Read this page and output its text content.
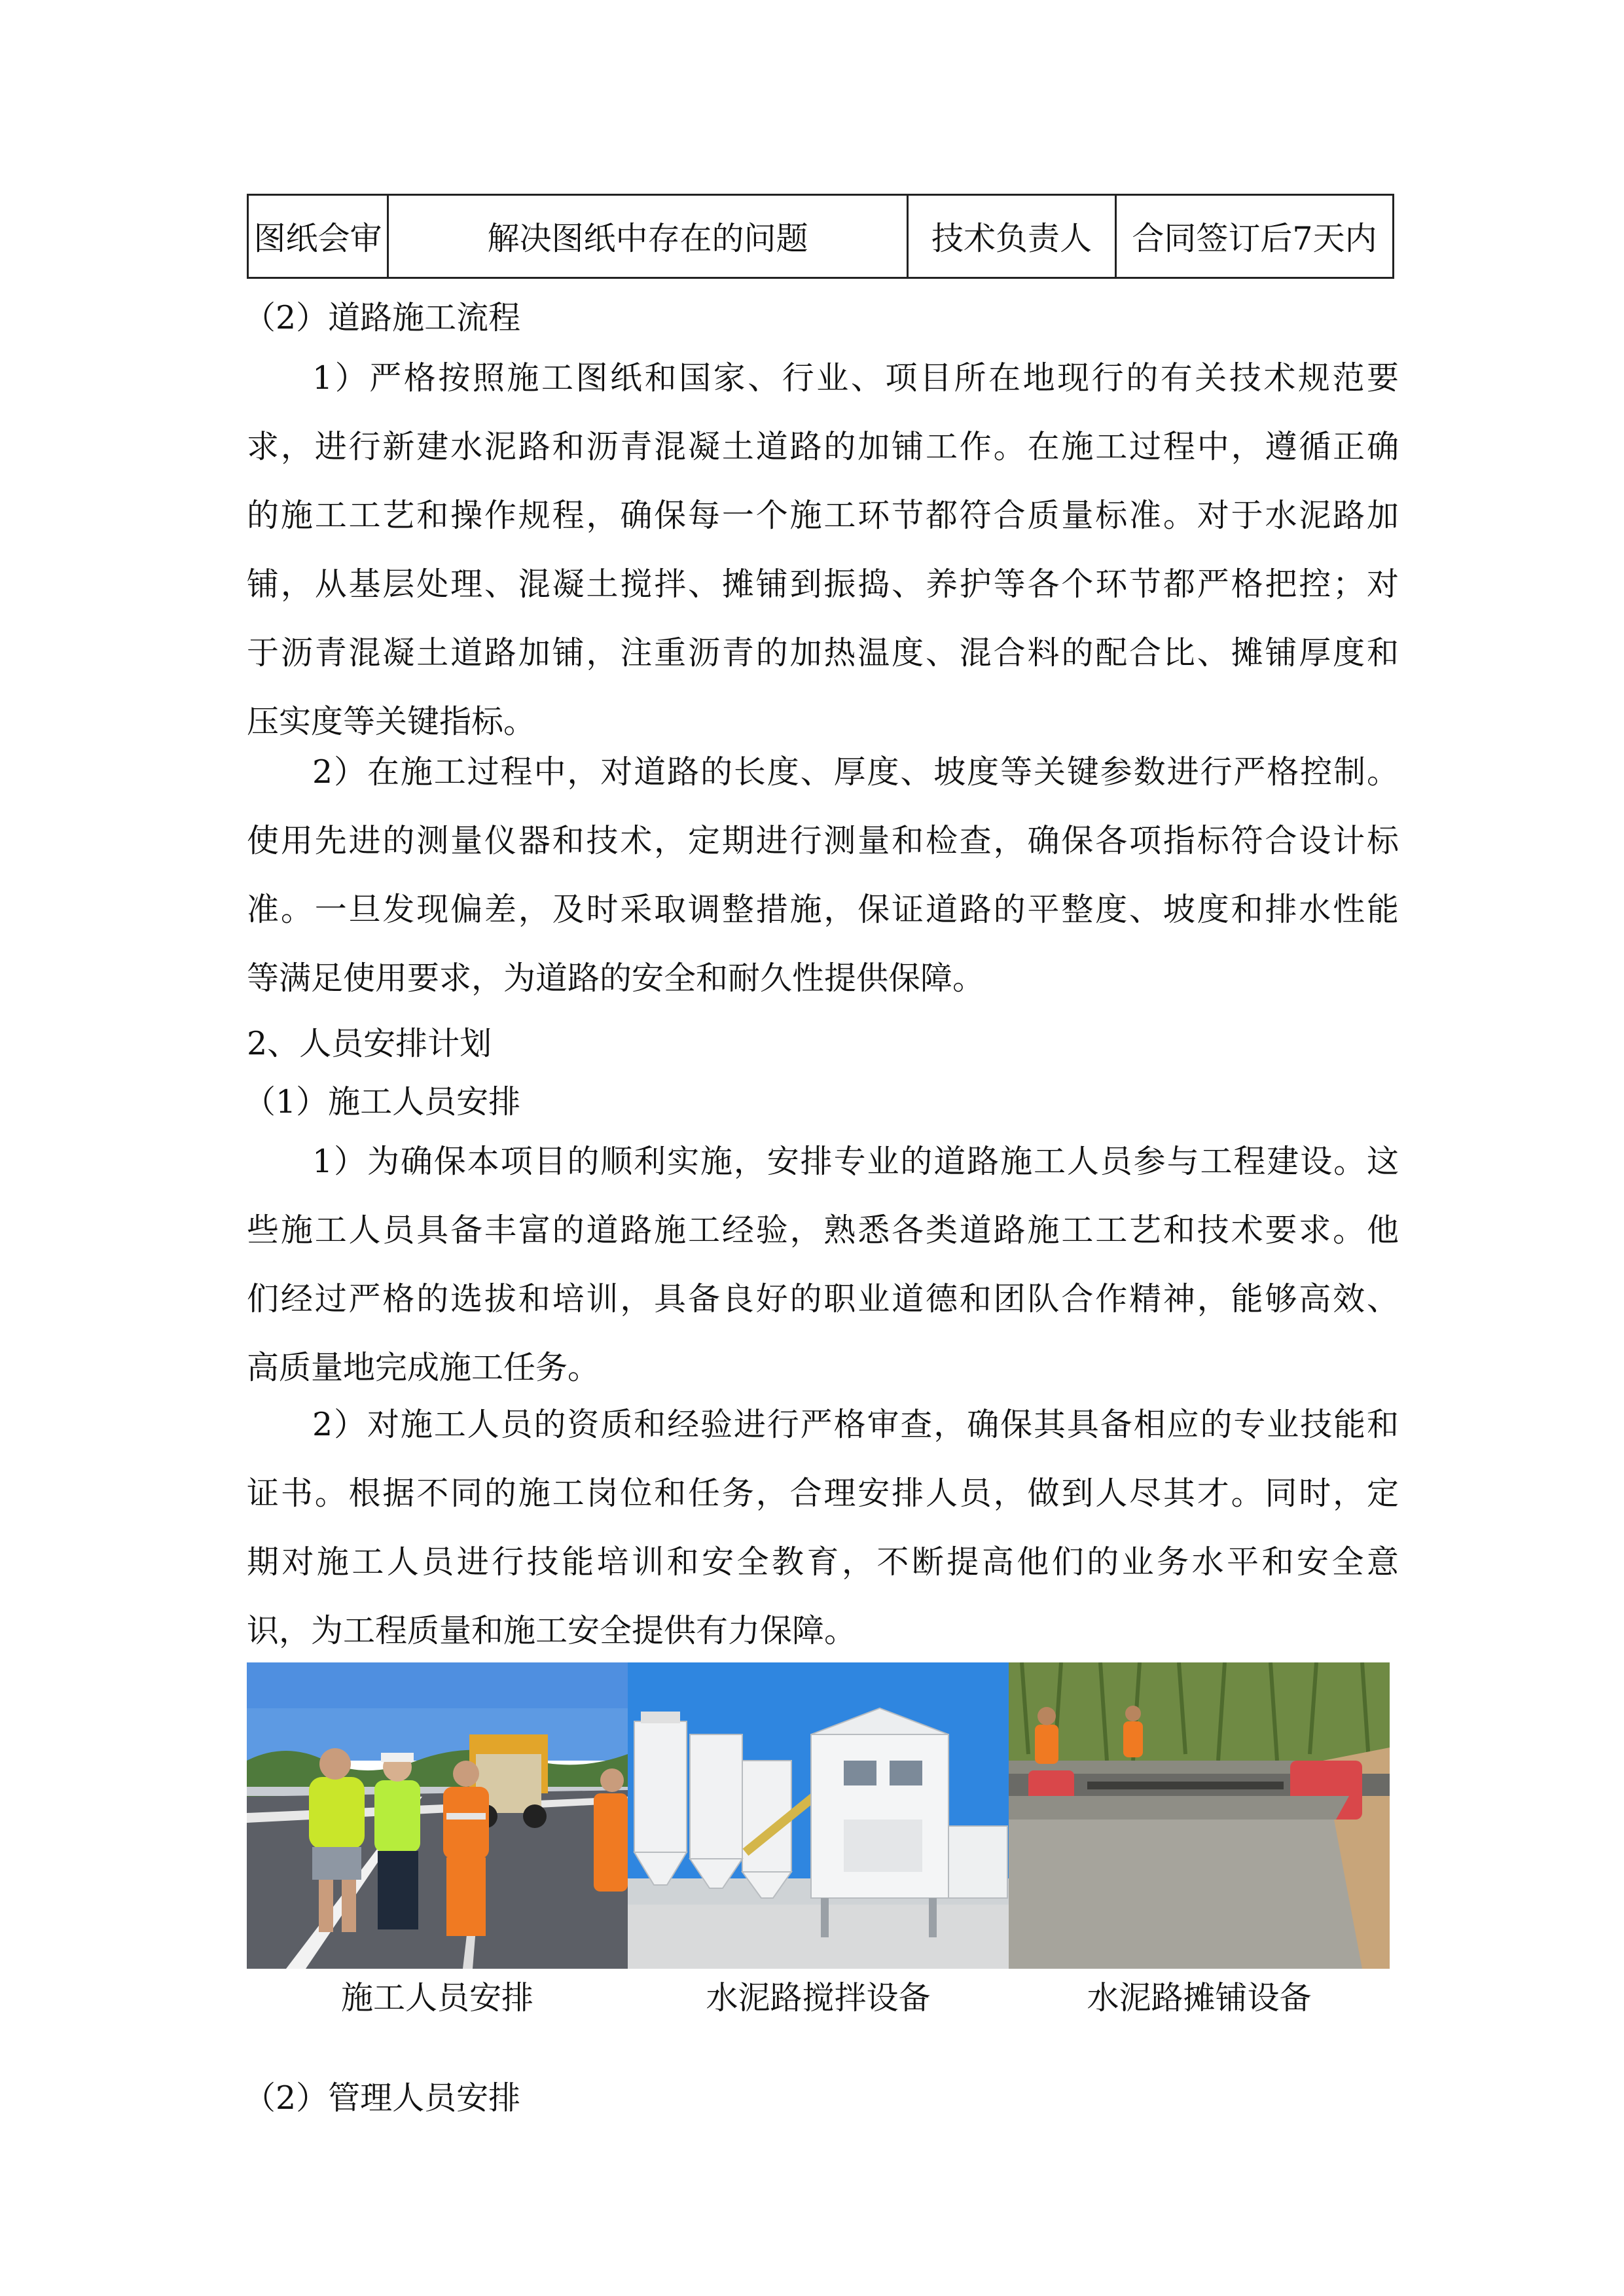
图纸会审	解决图纸中存在的问题	技术负责人	合同签订后7天内
（2）道路施工流程
1）严格按照施工图纸和国家、行业、项目所在地现行的有关技术规范要
求，进行新建水泥路和沥青混凝土道路的加铺工作。在施工过程中，遵循正确
的施工工艺和操作规程，确保每一个施工环节都符合质量标准。对于水泥路加
铺，从基层处理、混凝土搅拌、摊铺到振捣、养护等各个环节都严格把控；对
于沥青混凝土道路加铺，注重沥青的加热温度、混合料的配合比、摊铺厚度和
压实度等关键指标。
2）在施工过程中，对道路的长度、厚度、坡度等关键参数进行严格控制。
使用先进的测量仪器和技术，定期进行测量和检查，确保各项指标符合设计标
准。一旦发现偏差，及时采取调整措施，保证道路的平整度、坡度和排水性能
等满足使用要求，为道路的安全和耐久性提供保障。
2、人员安排计划
（1）施工人员安排
1）为确保本项目的顺利实施，安排专业的道路施工人员参与工程建设。这
些施工人员具备丰富的道路施工经验，熟悉各类道路施工工艺和技术要求。他
们经过严格的选拔和培训，具备良好的职业道德和团队合作精神，能够高效、
高质量地完成施工任务。
2）对施工人员的资质和经验进行严格审查，确保其具备相应的专业技能和
证书。根据不同的施工岗位和任务，合理安排人员，做到人尽其才。同时，定
期对施工人员进行技能培训和安全教育，不断提高他们的业务水平和安全意
识，为工程质量和施工安全提供有力保障。
施工人员安排	水泥路搅拌设备	水泥路摊铺设备
（2）管理人员安排
